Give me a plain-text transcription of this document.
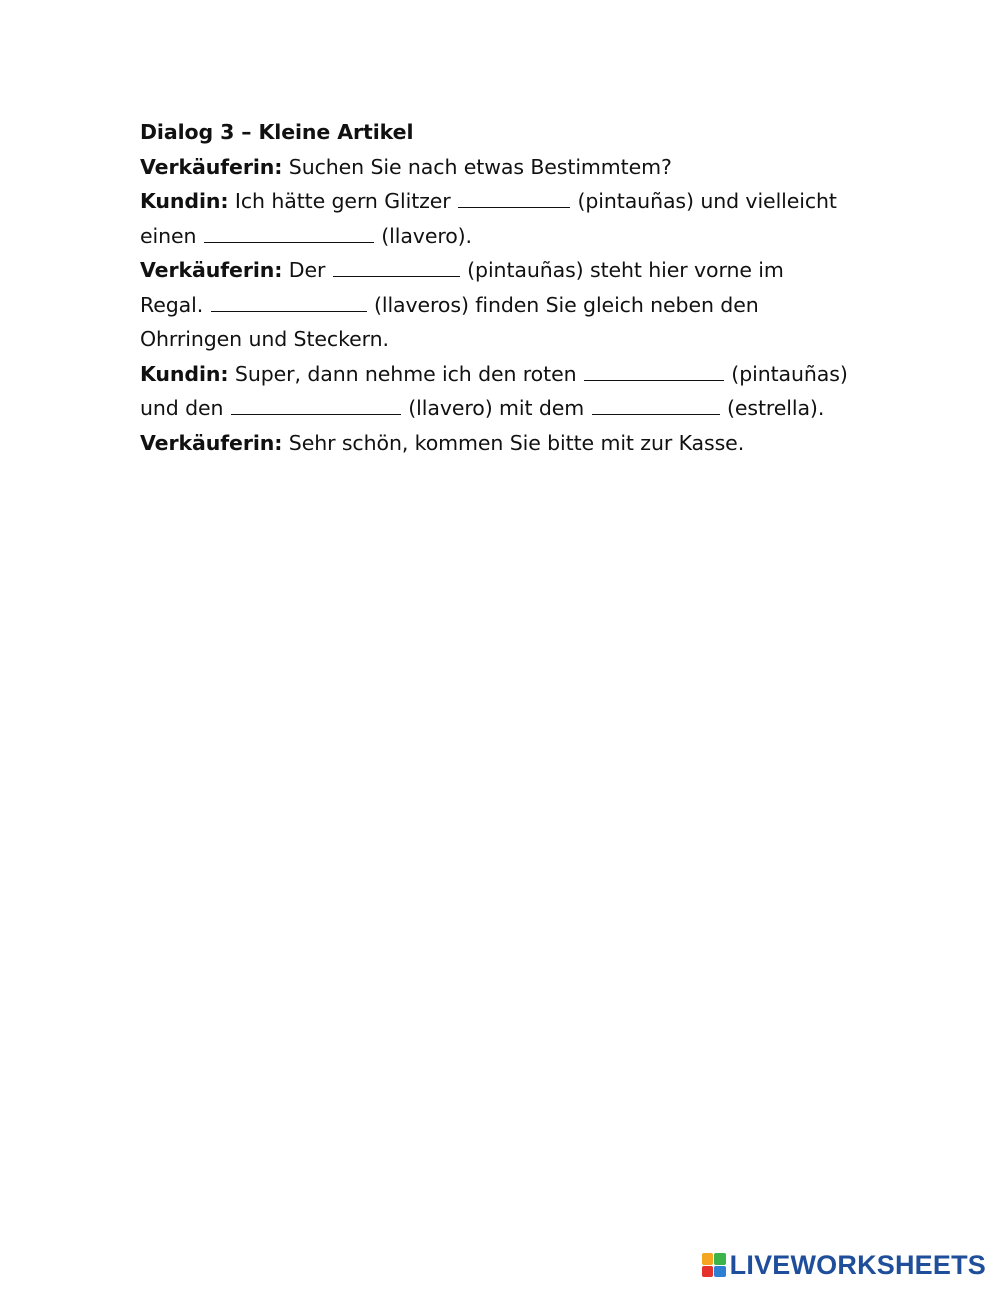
Dialog 3 – Kleine Artikel
Verkäuferin: Suchen Sie nach etwas Bestimmtem?
Kundin: Ich hätte gern Glitzer	(pintauñas) und vielleicht
einen	(llavero).
Verkäuferin: Der	(pintauñas) steht hier vorne im
Regal.	(llaveros) finden Sie gleich neben den
Ohrringen und Steckern.
Kundin: Super, dann nehme ich den roten	(pintauñas)
und den	(llavero) mit dem	(estrella).
Verkäuferin: Sehr schön, kommen Sie bitte mit zur Kasse.
LIVEWORKSHEETS
